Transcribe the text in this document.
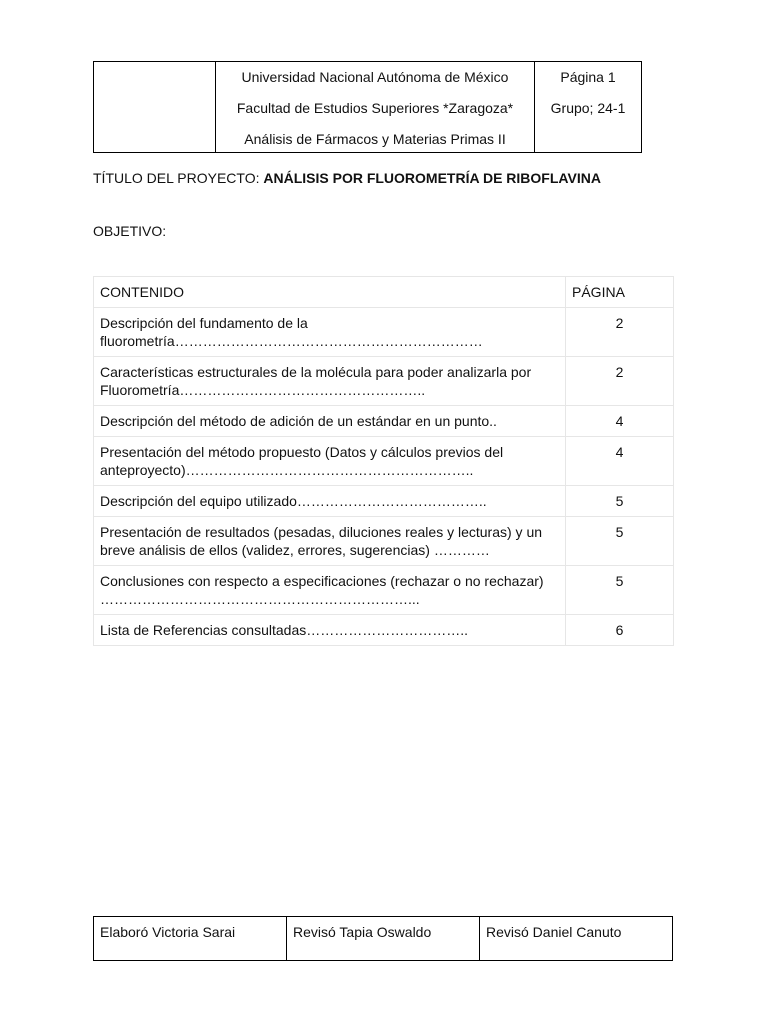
Universidad Nacional Autónoma de México
Facultad de Estudios Superiores *Zaragoza*
Análisis de Fármacos y Materias Primas II

Página 1
Grupo; 24-1
TÍTULO DEL PROYECTO: ANÁLISIS POR FLUOROMETRÍA DE RIBOFLAVINA
OBJETIVO:
CONTENIDO	PÁGINA
Descripción del fundamento de la
fluorometría…………………………………………………………	2
Características estructurales de la molécula para poder analizarla por
Fluorometría……………………………………………..	2
Descripción del método de adición de un estándar en un punto..	4
Presentación del método propuesto (Datos y cálculos previos del
anteproyecto)……………………………………………………..	4
Descripción del equipo utilizado…………………………………..	5
Presentación de resultados (pesadas, diluciones reales y lecturas) y un
breve análisis de ellos (validez, errores, sugerencias) …………	5
Conclusiones con respecto a especificaciones (rechazar o no rechazar)
…………………………………………………………...	5
Lista de Referencias consultadas……………………………..	6
Elaboró Victoria Sarai	Revisó Tapia Oswaldo	Revisó Daniel Canuto
